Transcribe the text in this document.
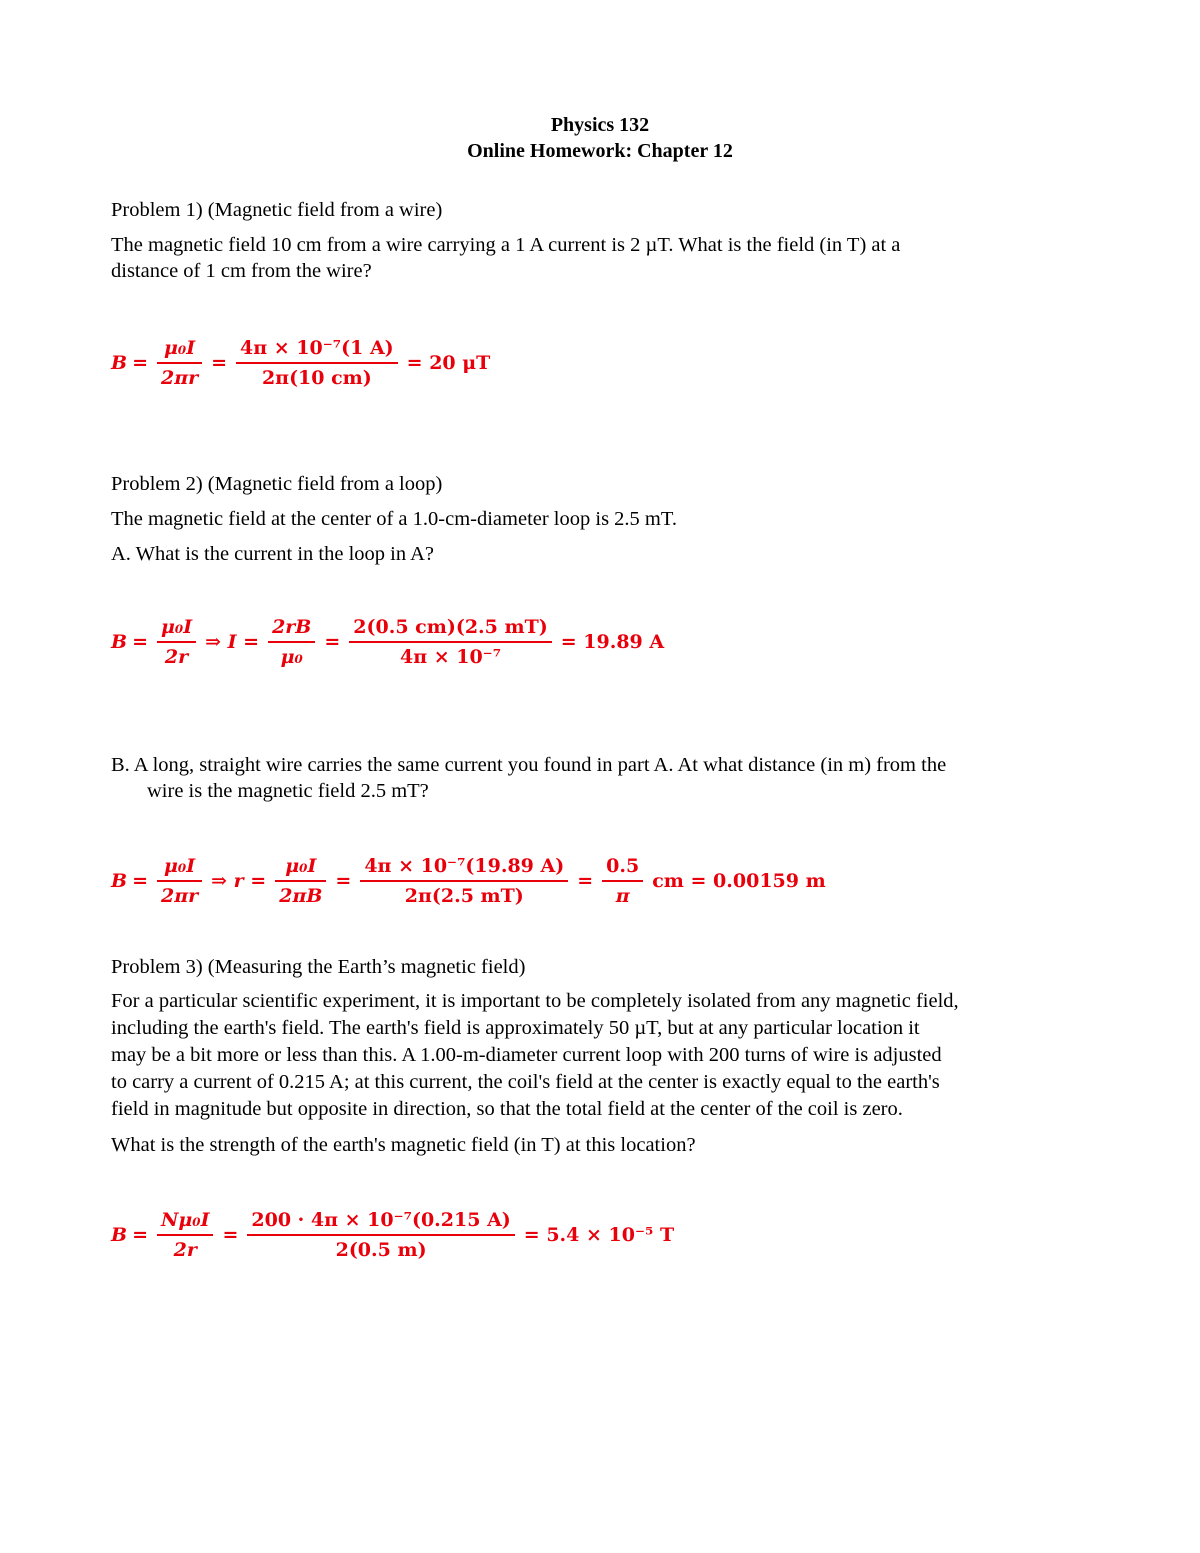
Physics 132
Online Homework: Chapter 12
Problem 1) (Magnetic field from a wire)
The magnetic field 10 cm from a wire carrying a 1 A current is 2 µT. What is the field (in T) at a
distance of 1 cm from the wire?
$B = \frac{\text{μ₀I}}{2\pi r} = \frac{\text{4π × 10⁻⁷(1 A)}}{2\pi(10 cm)} = 20$ μT
Problem 2) (Magnetic field from a loop)
The magnetic field at the center of a 1.0-cm-diameter loop is 2.5 mT.
A. What is the current in the loop in A?
$B = \frac{\text{μ₀I}}{2r}$ ⇒ $I = \frac{2rB}{\text{μ₀}} = \frac{2(0.5 cm)(2.5 mT)}{\text{4π × 10⁻⁷}} = 19.89$ A
B. A long, straight wire carries the same current you found in part A. At what distance (in m) from the
wire is the magnetic field 2.5 mT?
$B = \frac{\text{μ₀I}}{2\pi r}$ ⇒ $r = \frac{\text{μ₀I}}{2\pi B} = \frac{\text{4π × 10⁻⁷(19.89 A)}}{2\pi(2.5 mT)} = \frac{0.5}{\pi}$ cm = 0.00159 m
Problem 3) (Measuring the Earth’s magnetic field)
For a particular scientific experiment, it is important to be completely isolated from any magnetic field,
including the earth's field. The earth's field is approximately 50 µT, but at any particular location it
may be a bit more or less than this. A 1.00-m-diameter current loop with 200 turns of wire is adjusted
to carry a current of 0.215 A; at this current, the coil's field at the center is exactly equal to the earth's
field in magnitude but opposite in direction, so that the total field at the center of the coil is zero.
What is the strength of the earth's magnetic field (in T) at this location?
$B = \frac{\text{Nμ₀I}}{2r} = \frac{\text{200 · 4π × 10⁻⁷(0.215 A)}}{2(0.5 m)} = 5.4 \times 10^{-5}$ T
